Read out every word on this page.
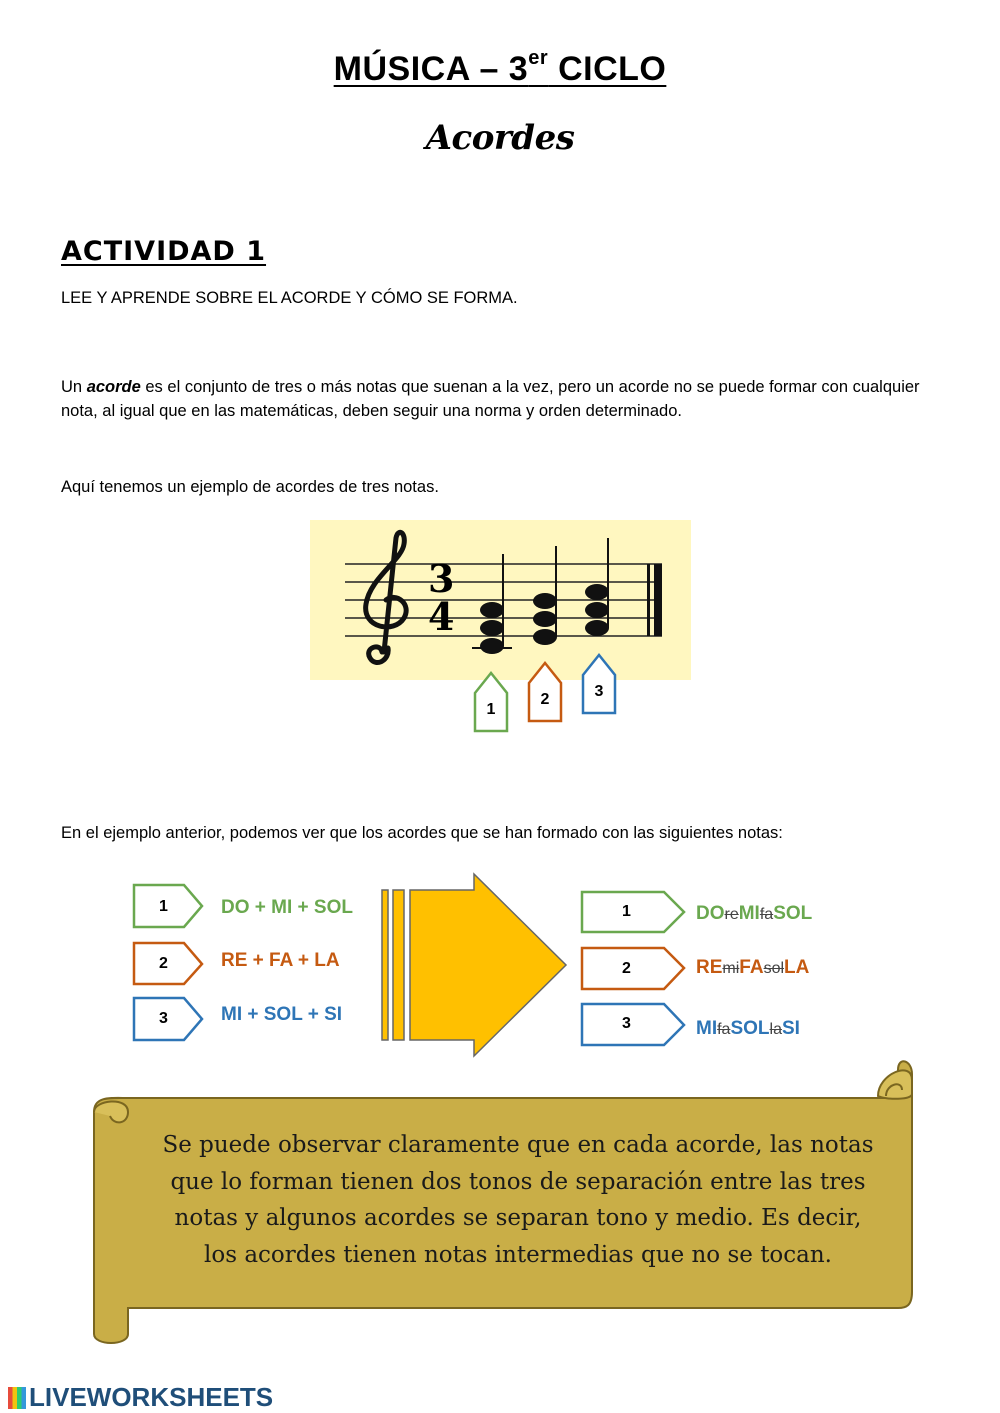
MÚSICA – 3er CICLO
Acordes
ACTIVIDAD 1
LEE Y APRENDE SOBRE EL ACORDE Y CÓMO SE FORMA.
Un acorde es el conjunto de tres o más notas que suenan a la vez, pero un acorde no se puede formar con cualquier nota, al igual que en las matemáticas, deben seguir una norma y orden determinado.
Aquí tenemos un ejemplo de acordes de tres notas.
3
4
1
2	3
En el ejemplo anterior, podemos ver que los acordes que se han formado con las siguientes notas:
1
2
3
DO + MI + SOL
RE + FA + LA
MI + SOL + SI
1
2
3
DOreMIfaSOL
REmiFAsolLA
MIfaSOLlaSI
Se puede observar claramente que en cada acorde, las notas
que lo forman tienen dos tonos de separación entre las tres
notas y algunos acordes se separan tono y medio. Es decir,
los acordes tienen notas intermedias que no se tocan.
LIVEWORKSHEETS
